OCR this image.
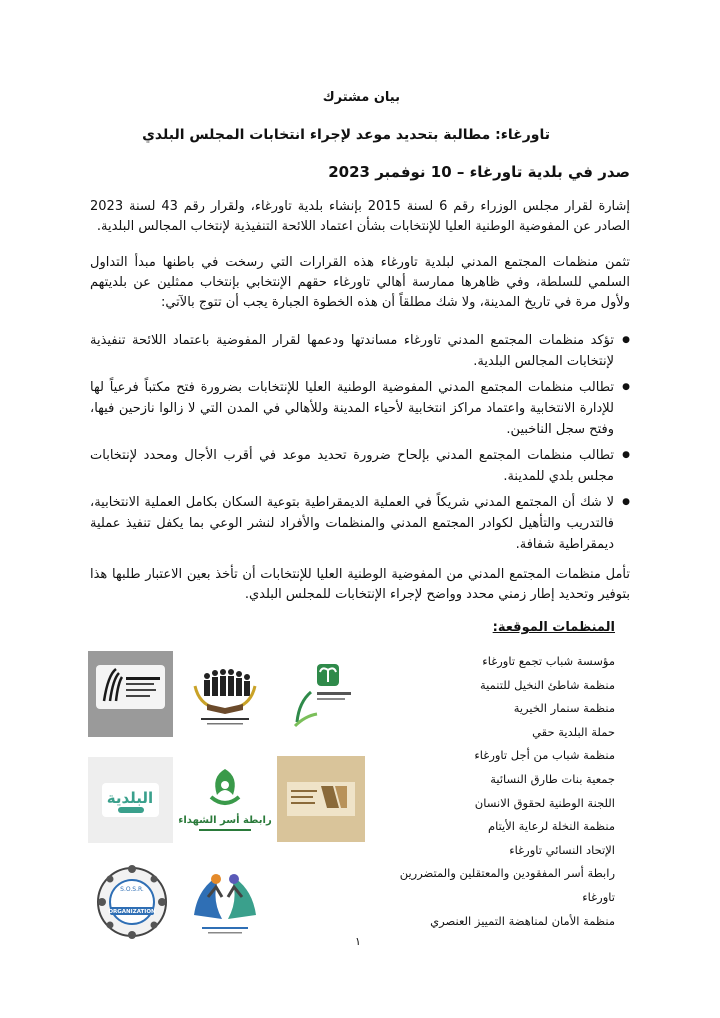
بيان مشترك
تاورغاء: مطالبة بتحديد موعد لإجراء انتخابات المجلس البلدي
صدر في بلدية تاورغاء – 10 نوفمبر 2023
إشارة لقرار مجلس الوزراء رقم 6 لسنة 2015 بإنشاء بلدية تاورغاء، ولقرار رقم 43 لسنة 2023 الصادر عن المفوضية الوطنية العليا للإنتخابات بشأن اعتماد اللائحة التنفيذية لإنتخاب المجالس البلدية.
تثمن منظمات المجتمع المدني لبلدية تاورغاء هذه القرارات التي رسخت في باطنها مبدأ التداول السلمي للسلطة، وفي ظاهرها ممارسة أهالي تاورغاء حقهم الإنتخابي بإنتخاب ممثلين عن بلديتهم ولأول مرة في تاريخ المدينة، ولا شك مطلقاً أن هذه الخطوة الجبارة يجب أن تتوج بالآتي:
● تؤكد منظمات المجتمع المدني تاورغاء مساندتها ودعمها لقرار المفوضية باعتماد اللائحة تنفيذية لإنتخابات المجالس البلدية.
● تطالب منظمات المجتمع المدني المفوضية الوطنية العليا للإنتخابات بضرورة فتح مكتباً فرعياً لها للإدارة الانتخابية واعتماد مراكز انتخابية لأحياء المدينة وللأهالي في المدن التي لا زالوا نازحين فيها، وفتح سجل الناخبين.
● تطالب منظمات المجتمع المدني بإلحاح ضرورة تحديد موعد في أقرب الأجال ومحدد لإنتخابات مجلس بلدي للمدينة.
● لا شك أن المجتمع المدني شريكاً في العملية الديمقراطية بتوعية السكان بكامل العملية الانتخابية، فالتدريب والتأهيل لكوادر المجتمع المدني والمنظمات والأفراد لنشر الوعي بما يكفل تنفيذ عملية ديمقراطية شفافة.
تأمل منظمات المجتمع المدني من المفوضية الوطنية العليا للإنتخابات أن تأخذ بعين الاعتبار طلبها هذا بتوفير وتحديد إطار زمني محدد وواضح لإجراء الإنتخابات للمجلس البلدي.
المنظمات الموقعة:
مؤسسة شباب تجمع تاورغاء
منظمة شاطئ النخيل للتنمية
منظمة سنمار الخيرية
حملة البلدية حقي
منظمة شباب من أجل تاورغاء
جمعية بنات طارق النسائية
اللجنة الوطنية لحقوق الانسان
منظمة النخلة لرعاية الأيتام
الإتحاد النسائي تاورغاء
رابطة أسر المفقودين والمعتقلين والمتضررين تاورغاء
منظمة الأمان لمناهضة التمييز العنصري
البلدية
رابطة أسر الشهداء
ORGANIZATION
S.O.S.R.
١
